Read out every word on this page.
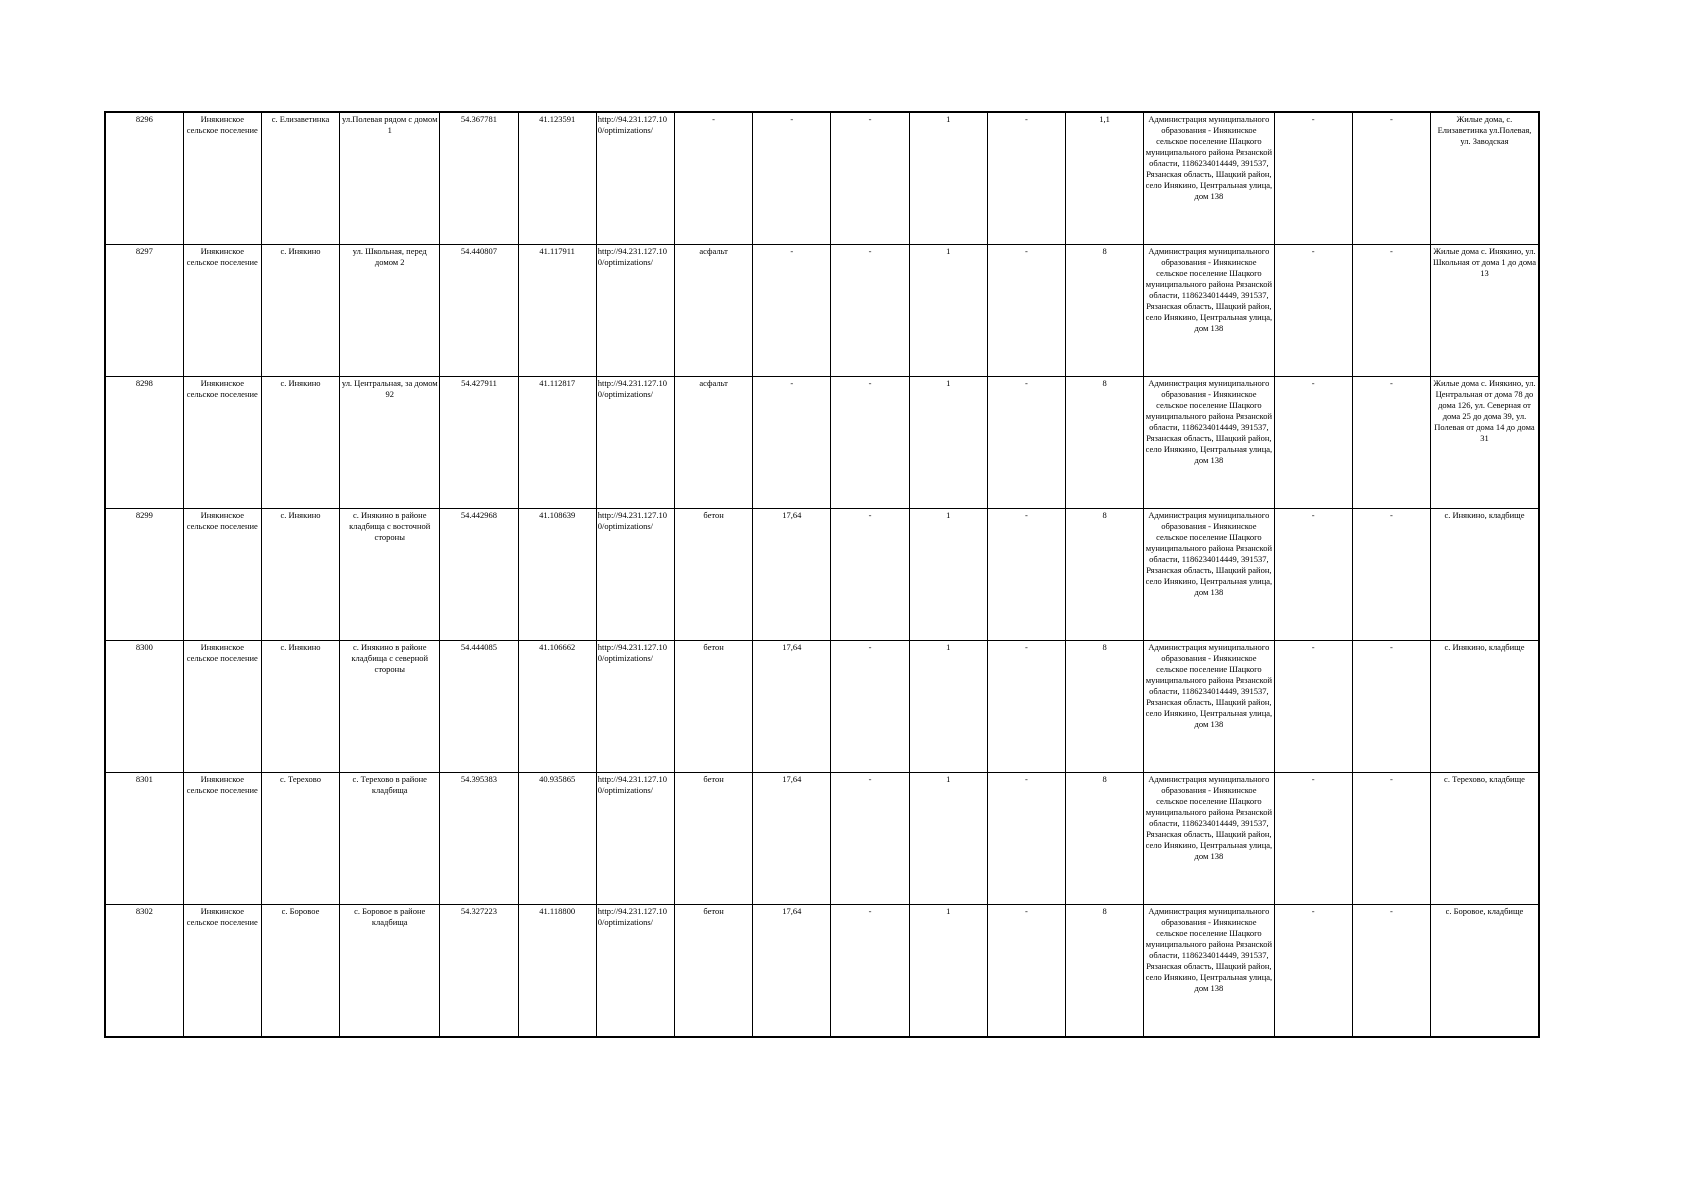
8296	Инякинское сельское поселение	с. Елизаветинка	ул.Полевая рядом с домом 1	54.367781	41.123591	http://94.231.127.100/optimizations/	-	-	-	1	-	1,1	Администрация муниципального образования - Инякинское сельское поселение Шацкого муниципального района Рязанской области, 1186234014449, 391537, Рязанская область, Шацкий район, село Инякино, Центральная улица, дом 138	-	-	Жилые дома, с. Елизаветинка ул.Полевая, ул. Заводская
8297	Инякинское сельское поселение	с. Инякино	ул. Школьная, перед домом 2	54.440807	41.117911	http://94.231.127.100/optimizations/	асфальт	-	-	1	-	8	Администрация муниципального образования - Инякинское сельское поселение Шацкого муниципального района Рязанской области, 1186234014449, 391537, Рязанская область, Шацкий район, село Инякино, Центральная улица, дом 138	-	-	Жилые дома с. Инякино, ул. Школьная от дома 1 до дома 13
8298	Инякинское сельское поселение	с. Инякино	ул. Центральная, за домом 92	54.427911	41.112817	http://94.231.127.100/optimizations/	асфальт	-	-	1	-	8	Администрация муниципального образования - Инякинское сельское поселение Шацкого муниципального района Рязанской области, 1186234014449, 391537, Рязанская область, Шацкий район, село Инякино, Центральная улица, дом 138	-	-	Жилые дома с. Инякино, ул. Центральная от дома 78 до дома 126, ул. Северная от дома 25 до дома 39, ул. Полевая от дома 14 до дома 31
8299	Инякинское сельское поселение	с. Инякино	с. Инякино в районе кладбища с восточной стороны	54.442968	41.108639	http://94.231.127.100/optimizations/	бетон	17,64	-	1	-	8	Администрация муниципального образования - Инякинское сельское поселение Шацкого муниципального района Рязанской области, 1186234014449, 391537, Рязанская область, Шацкий район, село Инякино, Центральная улица, дом 138	-	-	с. Инякино, кладбище
8300	Инякинское сельское поселение	с. Инякино	с. Инякино в районе кладбища с северной стороны	54.444085	41.106662	http://94.231.127.100/optimizations/	бетон	17,64	-	1	-	8	Администрация муниципального образования - Инякинское сельское поселение Шацкого муниципального района Рязанской области, 1186234014449, 391537, Рязанская область, Шацкий район, село Инякино, Центральная улица, дом 138	-	-	с. Инякино, кладбище
8301	Инякинское сельское поселение	с. Терехово	с. Терехово в районе кладбища	54.395383	40.935865	http://94.231.127.100/optimizations/	бетон	17,64	-	1	-	8	Администрация муниципального образования - Инякинское сельское поселение Шацкого муниципального района Рязанской области, 1186234014449, 391537, Рязанская область, Шацкий район, село Инякино, Центральная улица, дом 138	-	-	с. Терехово, кладбище
8302	Инякинское сельское поселение	с. Боровое	с. Боровое в районе кладбища	54.327223	41.118800	http://94.231.127.100/optimizations/	бетон	17,64	-	1	-	8	Администрация муниципального образования - Инякинское сельское поселение Шацкого муниципального района Рязанской области, 1186234014449, 391537, Рязанская область, Шацкий район, село Инякино, Центральная улица, дом 138	-	-	с. Боровое, кладбище
